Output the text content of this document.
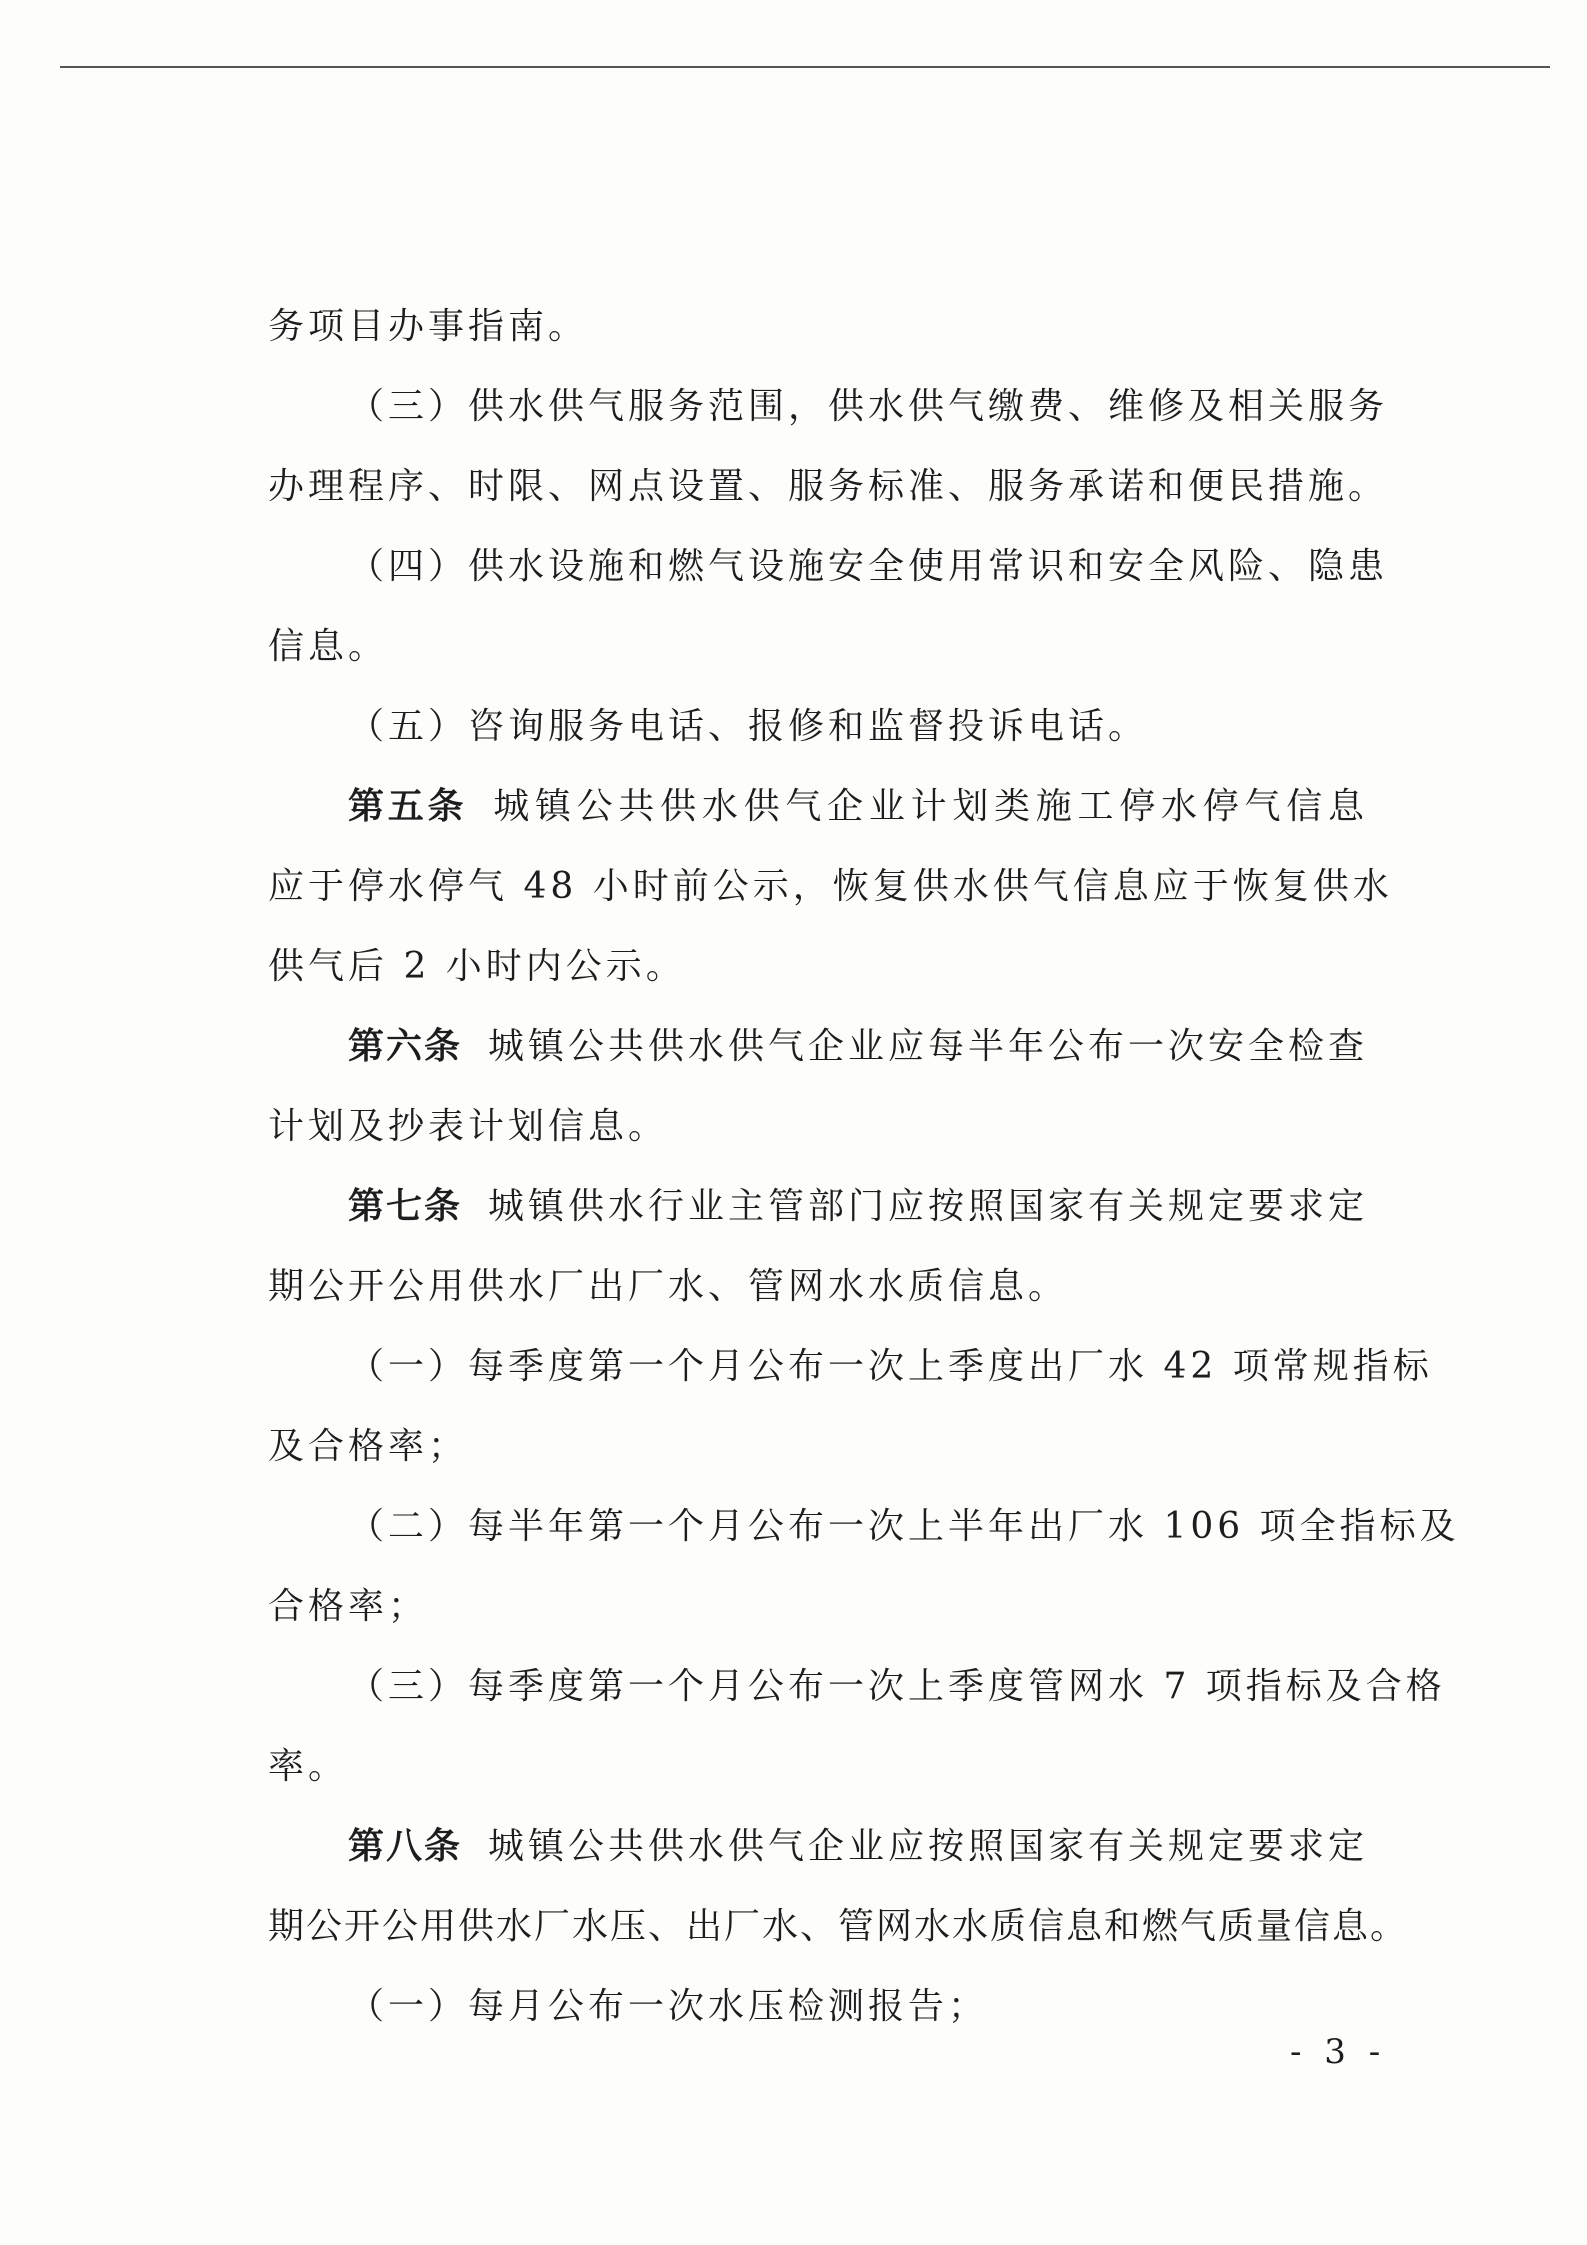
务项目办事指南。
（三）供水供气服务范围，供水供气缴费、维修及相关服务
办理程序、时限、网点设置、服务标准、服务承诺和便民措施。
（四）供水设施和燃气设施安全使用常识和安全风险、隐患
信息。
（五）咨询服务电话、报修和监督投诉电话。
第五条 城镇公共供水供气企业计划类施工停水停气信息
应于停水停气 48 小时前公示，恢复供水供气信息应于恢复供水
供气后 2 小时内公示。
第六条 城镇公共供水供气企业应每半年公布一次安全检查
计划及抄表计划信息。
第七条 城镇供水行业主管部门应按照国家有关规定要求定
期公开公用供水厂出厂水、管网水水质信息。
（一）每季度第一个月公布一次上季度出厂水 42 项常规指标
及合格率；
（二）每半年第一个月公布一次上半年出厂水 106 项全指标及
合格率；
（三）每季度第一个月公布一次上季度管网水 7 项指标及合格
率。
第八条 城镇公共供水供气企业应按照国家有关规定要求定
期公开公用供水厂水压、出厂水、管网水水质信息和燃气质量信息。
（一）每月公布一次水压检测报告；
- 3 -
